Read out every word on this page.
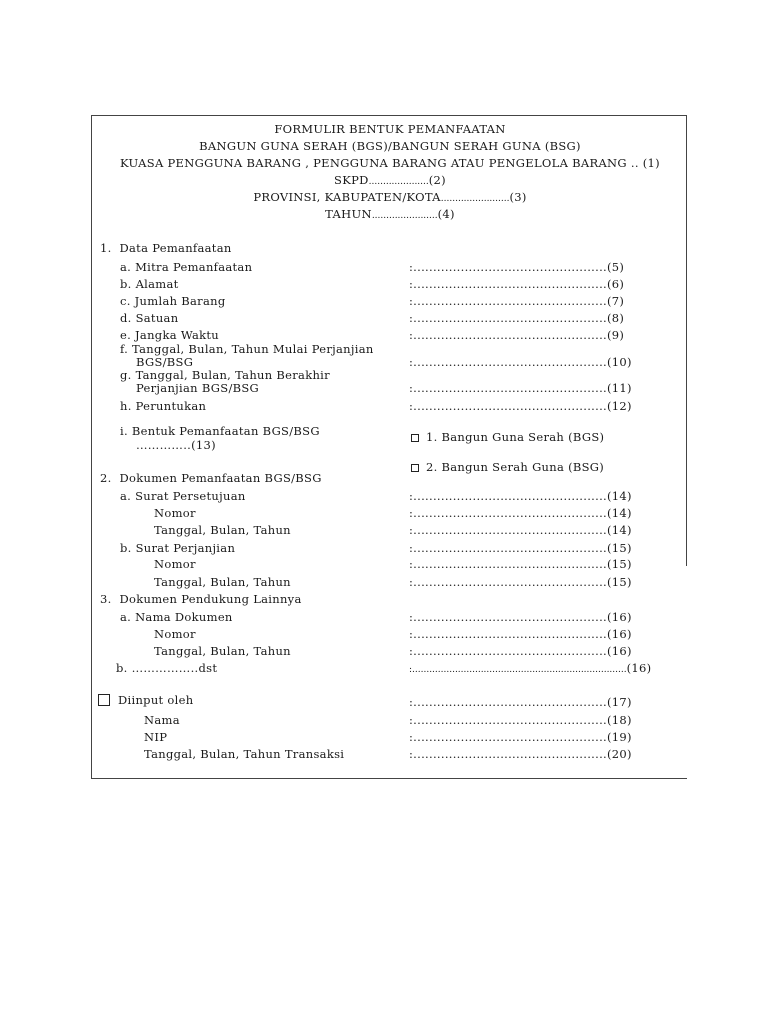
FORMULIR BENTUK PEMANFAATAN
BANGUN GUNA SERAH (BGS)/BANGUN SERAH GUNA (BSG)
KUASA PENGGUNA BARANG , PENGGUNA BARANG ATAU PENGELOLA BARANG .. (1)
SKPD.....................(2)
PROVINSI, KABUPATEN/KOTA........................(3)
TAHUN.......................(4)
1. Data Pemanfaatan
a. Mitra Pemanfaatan	:.................................................(5)
b. Alamat	:.................................................(6)
c. Jumlah Barang	:.................................................(7)
d. Satuan	:.................................................(8)
e. Jangka Waktu	:.................................................(9)
f. Tanggal, Bulan, Tahun Mulai Perjanjian
BGS/BSG	:.................................................(10)
g. Tanggal, Bulan, Tahun Berakhir
Perjanjian BGS/BSG	:.................................................(11)
h. Peruntukan	:.................................................(12)
i. Bentuk Pemanfaatan BGS/BSG
…………..(13)
1. Bangun Guna Serah (BGS)
2. Bangun Serah Guna (BSG)
2. Dokumen Pemanfaatan BGS/BSG
a. Surat Persetujuan	:.................................................(14)
Nomor	:.................................................(14)
Tanggal, Bulan, Tahun	:.................................................(14)
b. Surat Perjanjian	:.................................................(15)
Nomor	:.................................................(15)
Tanggal, Bulan, Tahun	:.................................................(15)
3. Dokumen Pendukung Lainnya
a. Nama Dokumen	:.................................................(16)
Nomor	:.................................................(16)
Tanggal, Bulan, Tahun	:.................................................(16)
b. ……………..dst	:...........................................................................(16)
Diinput oleh	:.................................................(17)
Nama	:.................................................(18)
NIP	:.................................................(19)
Tanggal, Bulan, Tahun Transaksi	:.................................................(20)
